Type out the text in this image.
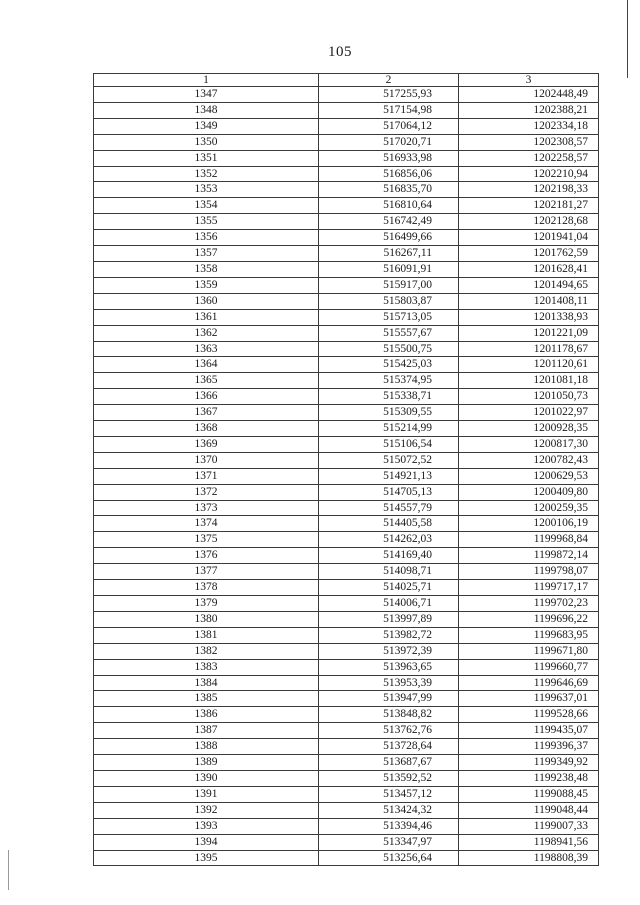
105
1	2	3
1347	517255,93	1202448,49
1348	517154,98	1202388,21
1349	517064,12	1202334,18
1350	517020,71	1202308,57
1351	516933,98	1202258,57
1352	516856,06	1202210,94
1353	516835,70	1202198,33
1354	516810,64	1202181,27
1355	516742,49	1202128,68
1356	516499,66	1201941,04
1357	516267,11	1201762,59
1358	516091,91	1201628,41
1359	515917,00	1201494,65
1360	515803,87	1201408,11
1361	515713,05	1201338,93
1362	515557,67	1201221,09
1363	515500,75	1201178,67
1364	515425,03	1201120,61
1365	515374,95	1201081,18
1366	515338,71	1201050,73
1367	515309,55	1201022,97
1368	515214,99	1200928,35
1369	515106,54	1200817,30
1370	515072,52	1200782,43
1371	514921,13	1200629,53
1372	514705,13	1200409,80
1373	514557,79	1200259,35
1374	514405,58	1200106,19
1375	514262,03	1199968,84
1376	514169,40	1199872,14
1377	514098,71	1199798,07
1378	514025,71	1199717,17
1379	514006,71	1199702,23
1380	513997,89	1199696,22
1381	513982,72	1199683,95
1382	513972,39	1199671,80
1383	513963,65	1199660,77
1384	513953,39	1199646,69
1385	513947,99	1199637,01
1386	513848,82	1199528,66
1387	513762,76	1199435,07
1388	513728,64	1199396,37
1389	513687,67	1199349,92
1390	513592,52	1199238,48
1391	513457,12	1199088,45
1392	513424,32	1199048,44
1393	513394,46	1199007,33
1394	513347,97	1198941,56
1395	513256,64	1198808,39
